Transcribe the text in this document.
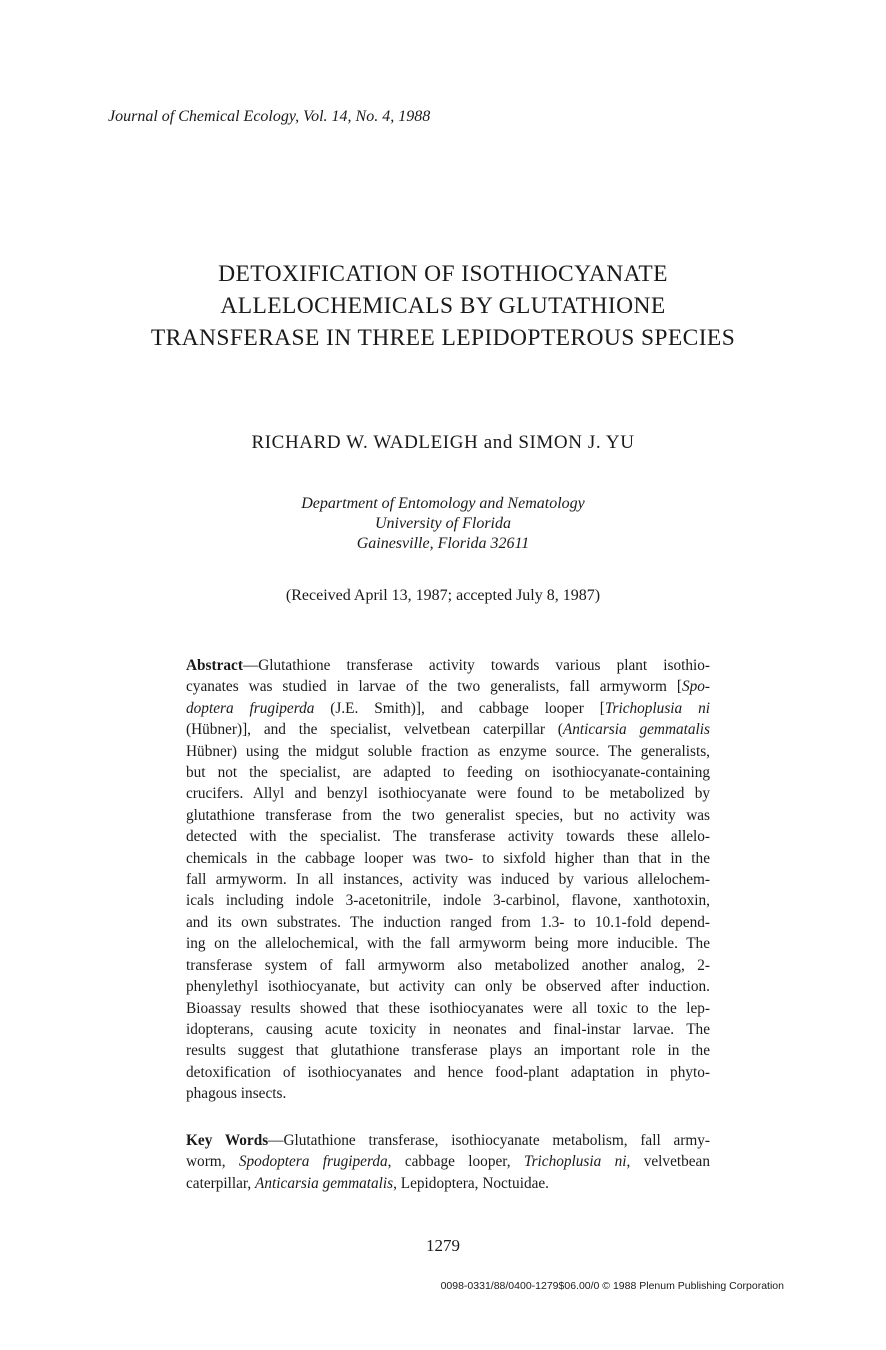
Journal of Chemical Ecology, Vol. 14, No. 4, 1988
DETOXIFICATION OF ISOTHIOCYANATE
ALLELOCHEMICALS BY GLUTATHIONE
TRANSFERASE IN THREE LEPIDOPTEROUS SPECIES
RICHARD W. WADLEIGH and SIMON J. YU
Department of Entomology and Nematology
University of Florida
Gainesville, Florida 32611
(Received April 13, 1987; accepted July 8, 1987)
Abstract—Glutathione transferase activity towards various plant isothio-
cyanates was studied in larvae of the two generalists, fall armyworm [Spo-
doptera frugiperda (J.E. Smith)], and cabbage looper [Trichoplusia ni
(Hübner)], and the specialist, velvetbean caterpillar (Anticarsia gemmatalis
Hübner) using the midgut soluble fraction as enzyme source. The generalists,
but not the specialist, are adapted to feeding on isothiocyanate-containing
crucifers. Allyl and benzyl isothiocyanate were found to be metabolized by
glutathione transferase from the two generalist species, but no activity was
detected with the specialist. The transferase activity towards these allelo-
chemicals in the cabbage looper was two- to sixfold higher than that in the
fall armyworm. In all instances, activity was induced by various allelochem-
icals including indole 3-acetonitrile, indole 3-carbinol, flavone, xanthotoxin,
and its own substrates. The induction ranged from 1.3- to 10.1-fold depend-
ing on the allelochemical, with the fall armyworm being more inducible. The
transferase system of fall armyworm also metabolized another analog, 2-
phenylethyl isothiocyanate, but activity can only be observed after induction.
Bioassay results showed that these isothiocyanates were all toxic to the lep-
idopterans, causing acute toxicity in neonates and final-instar larvae. The
results suggest that glutathione transferase plays an important role in the
detoxification of isothiocyanates and hence food-plant adaptation in phyto-
phagous insects.
Key Words—Glutathione transferase, isothiocyanate metabolism, fall army-
worm, Spodoptera frugiperda, cabbage looper, Trichoplusia ni, velvetbean
caterpillar, Anticarsia gemmatalis, Lepidoptera, Noctuidae.
1279
0098-0331/88/0400-1279$06.00/0 © 1988 Plenum Publishing Corporation
